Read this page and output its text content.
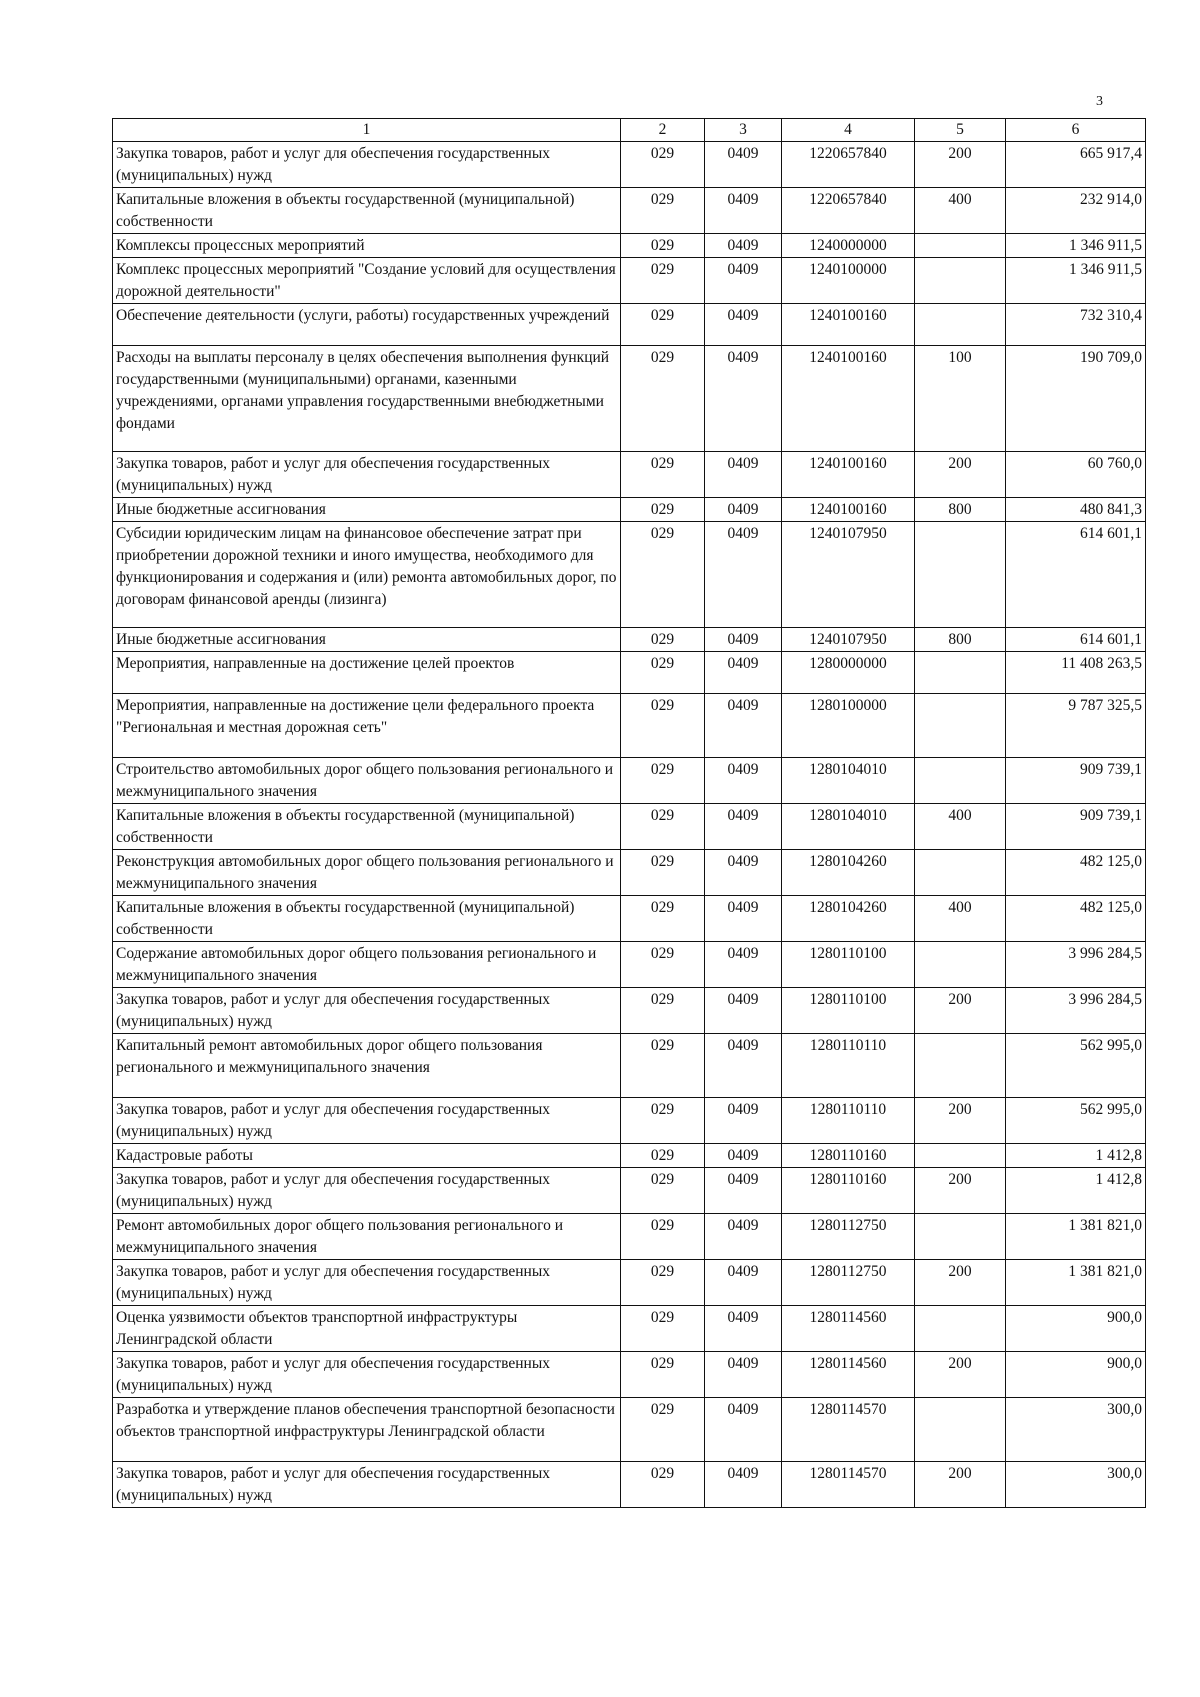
3
1	2	3	4	5	6
Закупка товаров, работ и услуг для обеспечения государственных (муниципальных) нужд	029	0409	1220657840	200	665 917,4
Капитальные вложения в объекты государственной (муниципальной) собственности	029	0409	1220657840	400	232 914,0
Комплексы процессных мероприятий	029	0409	1240000000		1 346 911,5
Комплекс процессных мероприятий "Создание условий для осуществления дорожной деятельности"	029	0409	1240100000		1 346 911,5
Обеспечение деятельности (услуги, работы) государственных учреждений	029	0409	1240100160		732 310,4
Расходы на выплаты персоналу в целях обеспечения выполнения функций государственными (муниципальными) органами, казенными учреждениями, органами управления государственными внебюджетными фондами	029	0409	1240100160	100	190 709,0
Закупка товаров, работ и услуг для обеспечения государственных (муниципальных) нужд	029	0409	1240100160	200	60 760,0
Иные бюджетные ассигнования	029	0409	1240100160	800	480 841,3
Субсидии юридическим лицам на финансовое обеспечение затрат при приобретении дорожной техники и иного имущества, необходимого для функционирования и содержания и (или) ремонта автомобильных дорог, по договорам финансовой аренды (лизинга)	029	0409	1240107950		614 601,1
Иные бюджетные ассигнования	029	0409	1240107950	800	614 601,1
Мероприятия, направленные на достижение целей проектов	029	0409	1280000000		11 408 263,5
Мероприятия, направленные на достижение цели федерального проекта "Региональная и местная дорожная сеть"	029	0409	1280100000		9 787 325,5
Строительство автомобильных дорог общего пользования регионального и межмуниципального значения	029	0409	1280104010		909 739,1
Капитальные вложения в объекты государственной (муниципальной) собственности	029	0409	1280104010	400	909 739,1
Реконструкция автомобильных дорог общего пользования регионального и межмуниципального значения	029	0409	1280104260		482 125,0
Капитальные вложения в объекты государственной (муниципальной) собственности	029	0409	1280104260	400	482 125,0
Содержание автомобильных дорог общего пользования регионального и межмуниципального значения	029	0409	1280110100		3 996 284,5
Закупка товаров, работ и услуг для обеспечения государственных (муниципальных) нужд	029	0409	1280110100	200	3 996 284,5
Капитальный ремонт автомобильных дорог общего пользования регионального и межмуниципального значения	029	0409	1280110110		562 995,0
Закупка товаров, работ и услуг для обеспечения государственных (муниципальных) нужд	029	0409	1280110110	200	562 995,0
Кадастровые работы	029	0409	1280110160		1 412,8
Закупка товаров, работ и услуг для обеспечения государственных (муниципальных) нужд	029	0409	1280110160	200	1 412,8
Ремонт автомобильных дорог общего пользования регионального и межмуниципального значения	029	0409	1280112750		1 381 821,0
Закупка товаров, работ и услуг для обеспечения государственных (муниципальных) нужд	029	0409	1280112750	200	1 381 821,0
Оценка уязвимости объектов транспортной инфраструктуры Ленинградской области	029	0409	1280114560		900,0
Закупка товаров, работ и услуг для обеспечения государственных (муниципальных) нужд	029	0409	1280114560	200	900,0
Разработка и утверждение планов обеспечения транспортной безопасности объектов транспортной инфраструктуры Ленинградской области	029	0409	1280114570		300,0
Закупка товаров, работ и услуг для обеспечения государственных (муниципальных) нужд	029	0409	1280114570	200	300,0
